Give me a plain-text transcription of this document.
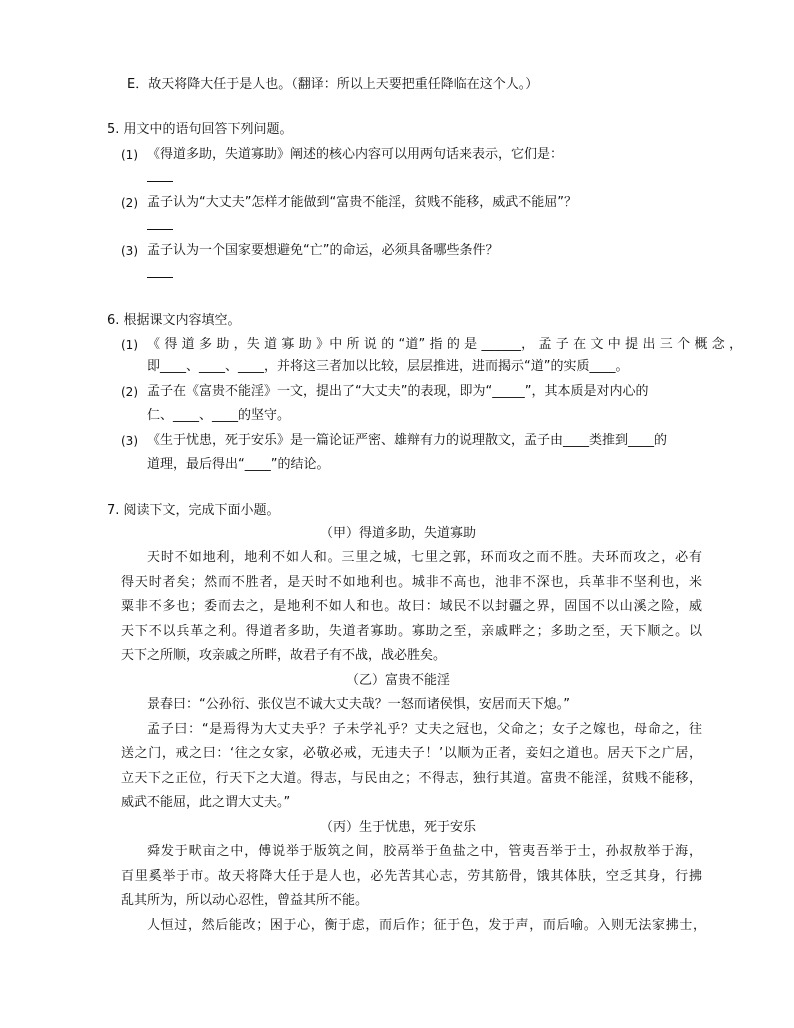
E．故天将降大任于是人也。（翻译：所以上天要把重任降临在这个人。）
5. 用文中的语句回答下列问题。
(1) 《得道多助，失道寡助》阐述的核心内容可以用两句话来表示，它们是：
(2) 孟子认为“大丈夫”怎样才能做到“富贵不能淫，贫贱不能移，威武不能屈”？
(3) 孟子认为一个国家要想避免“亡”的命运，必须具备哪些条件？
6. 根据课文内容填空。
(1) 《 得 道 多 助 ，失 道 寡 助 》中 所 说 的 “道” 指 的 是 ______， 孟 子 在 文 中 提 出 三 个 概 念 ，
即____、____、____，并将这三者加以比较，层层推进，进而揭示“道”的实质____。
(2) 孟子在《富贵不能淫》一文，提出了“大丈夫”的表现，即为“_____”，其本质是对内心的
仁、____、____的坚守。
(3) 《生于忧患，死于安乐》是一篇论证严密、雄辩有力的说理散文，孟子由____类推到____的
道理，最后得出“____”的结论。
7. 阅读下文，完成下面小题。
（甲）得道多助，失道寡助
天时不如地利，地利不如人和。三里之城，七里之郭，环而攻之而不胜。夫环而攻之，必有
得天时者矣；然而不胜者，是天时不如地利也。城非不高也，池非不深也，兵革非不坚利也，米
粟非不多也；委而去之，是地利不如人和也。故曰：域民不以封疆之界，固国不以山溪之险，威
天下不以兵革之利。得道者多助，失道者寡助。寡助之至，亲戚畔之；多助之至，天下顺之。以
天下之所顺，攻亲戚之所畔，故君子有不战，战必胜矣。
（乙）富贵不能淫
景春曰：“公孙衍、张仪岂不诚大丈夫哉？一怒而诸侯惧，安居而天下熄。”
孟子曰：“是焉得为大丈夫乎？子未学礼乎？丈夫之冠也，父命之；女子之嫁也，母命之，往
送之门，戒之曰：‘往之女家，必敬必戒，无违夫子！’以顺为正者，妾妇之道也。居天下之广居，
立天下之正位，行天下之大道。得志，与民由之；不得志，独行其道。富贵不能淫，贫贱不能移，
威武不能屈，此之谓大丈夫。”
（丙）生于忧患，死于安乐
舜发于畎亩之中，傅说举于版筑之间，胶鬲举于鱼盐之中，管夷吾举于士，孙叔敖举于海，
百里奚举于市。故天将降大任于是人也，必先苦其心志，劳其筋骨，饿其体肤，空乏其身，行拂
乱其所为，所以动心忍性，曾益其所不能。
人恒过，然后能改；困于心，衡于虑，而后作；征于色，发于声，而后喻。入则无法家拂士，
